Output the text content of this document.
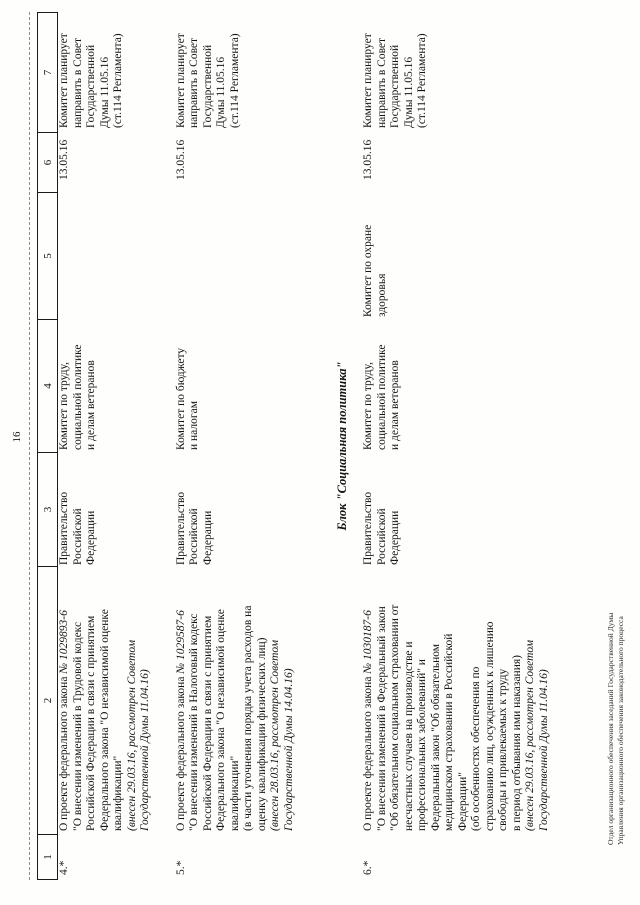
16
1
2
3
4
5
6
7
4.*
О проекте федерального закона № 1029893-6 "О внесении изменений в Трудовой кодекс Российской Федерации в связи с принятием Федерального закона "О независимой оценке квалификации" (внесен 29.03.16, рассмотрен Советом Государственной Думы 11.04.16)
Правительство Российской Федерации
Комитет по труду, социальной политике и делам ветеранов
13.05.16
Комитет планирует направить в Совет Государственной Думы 11.05.16 (ст.114 Регламента)
5.*
О проекте федерального закона № 1029587-6 "О внесении изменений в Налоговый кодекс Российской Федерации в связи с принятием Федерального закона "О независимой оценке квалификации" (в части уточнения порядка учета расходов на оценку квалификации физических лиц) (внесен 28.03.16, рассмотрен Советом Государственной Думы 14.04.16)
Правительство Российской Федерации
Комитет по бюджету и налогам
13.05.16
Комитет планирует направить в Совет Государственной Думы 11.05.16 (ст.114 Регламента)
Блок "Социальная политика"
6.*
О проекте федерального закона № 1030187-6 "О внесении изменений в Федеральный закон "Об обязательном социальном страховании от несчастных случаев на производстве и профессиональных заболеваний" и Федеральный закон "Об обязательном медицинском страховании в Российской Федерации" (об особенностях обеспечения по страхованию лиц, осужденных к лишению свободы и привлекаемых к труду в период отбывания ими наказания) (внесен 29.03.16, рассмотрен Советом Государственной Думы 11.04.16)
Правительство Российской Федерации
Комитет по труду, социальной политике и делам ветеранов
Комитет по охране здоровья
13.05.16
Комитет планирует направить в Совет Государственной Думы 11.05.16 (ст.114 Регламента)
Отдел организационного обеспечения заседаний Государственной Думы Управления организационного обеспечения законодательного процесса
